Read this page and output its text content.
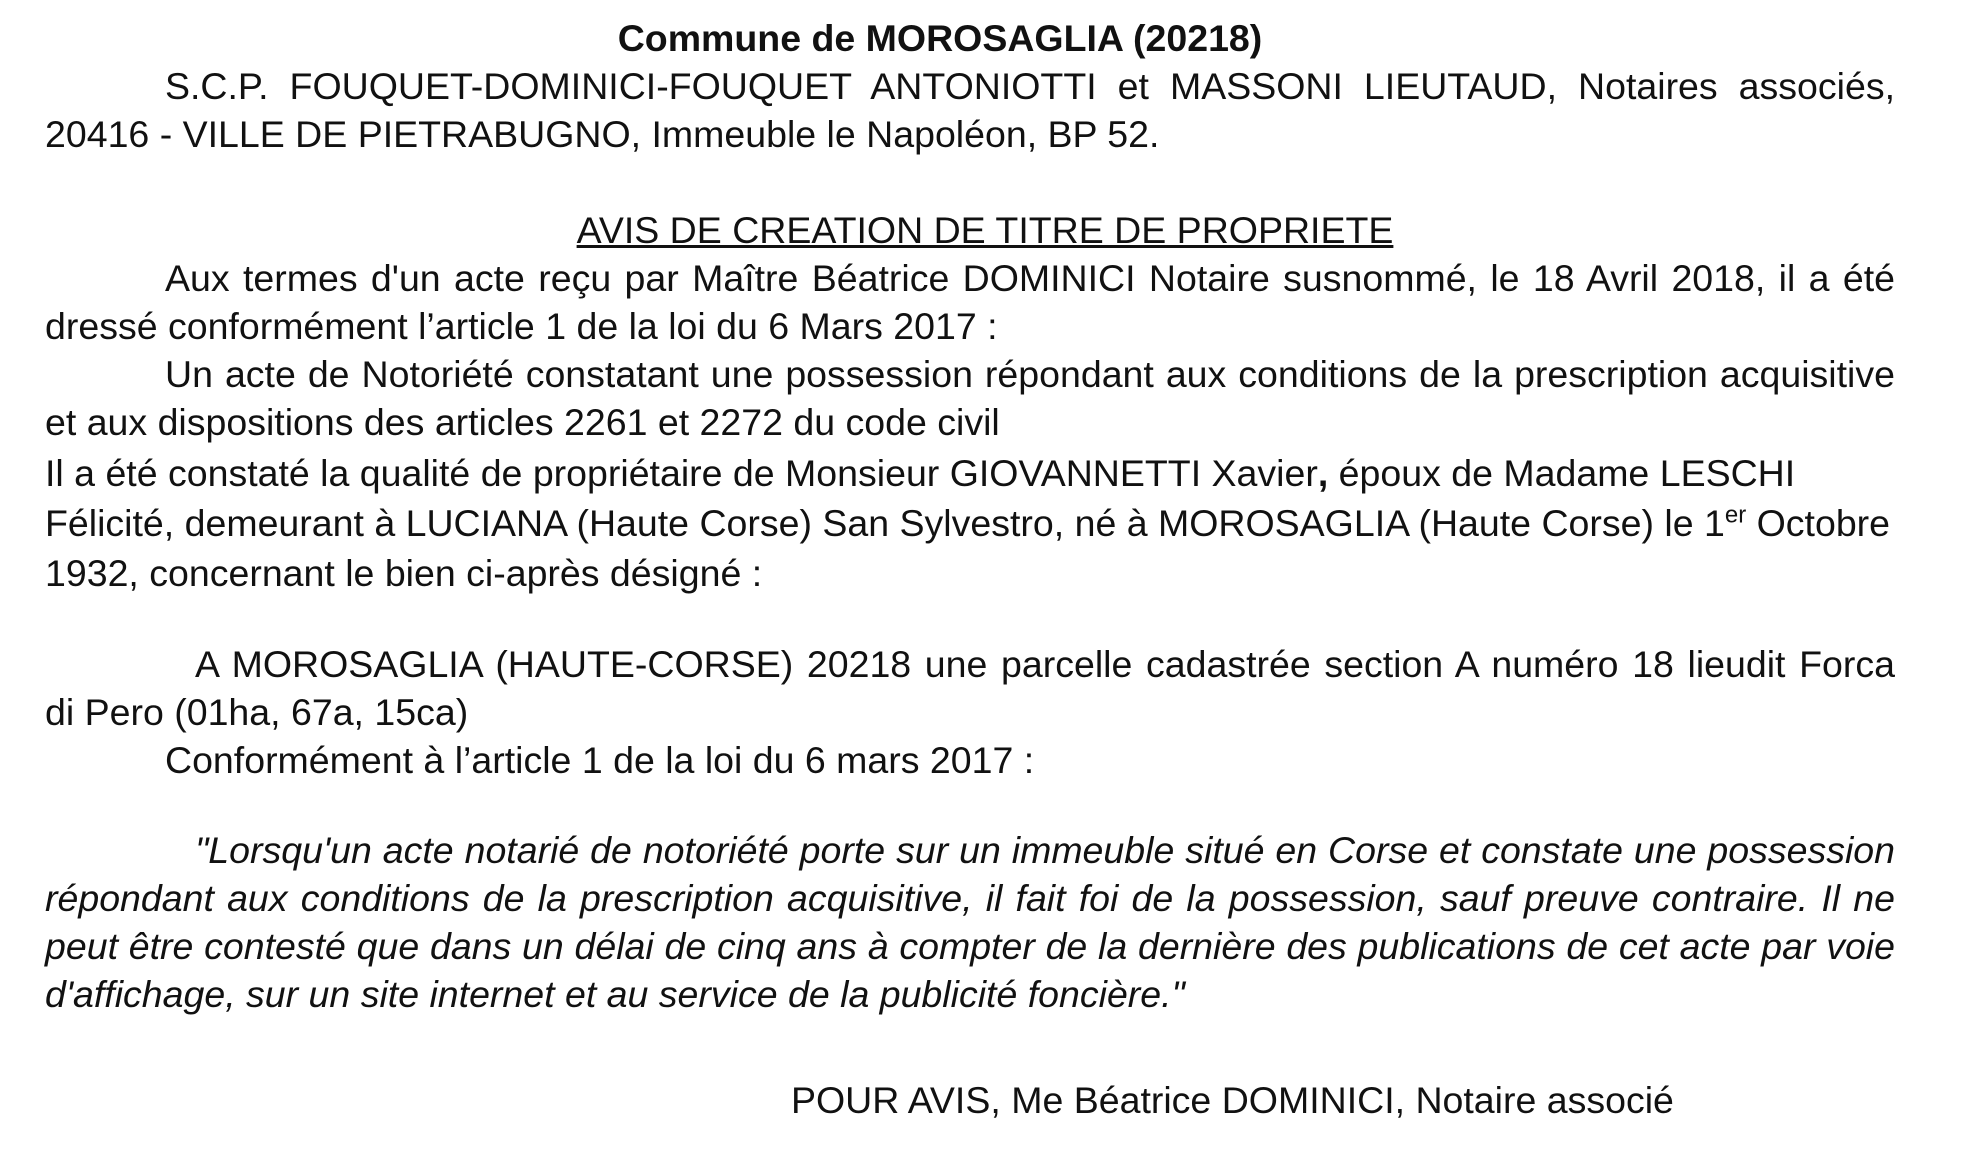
Commune de MOROSAGLIA (20218)

S.C.P. FOUQUET-DOMINICI-FOUQUET ANTONIOTTI et MASSONI LIEUTAUD, Notaires associés, 20416 - VILLE DE PIETRABUGNO, Immeuble le Napoléon, BP 52.

AVIS DE CREATION DE TITRE DE PROPRIETE

Aux termes d'un acte reçu par Maître Béatrice DOMINICI Notaire susnommé, le 18 Avril 2018, il a été dressé conformément l’article 1 de la loi du 6 Mars 2017 :

Un acte de Notoriété constatant une possession répondant aux conditions de la prescription acquisitive et aux dispositions des articles 2261 et 2272 du code civil

Il a été constaté la qualité de propriétaire de Monsieur GIOVANNETTI Xavier, époux de Madame LESCHI Félicité, demeurant à LUCIANA (Haute Corse) San Sylvestro, né à MOROSAGLIA (Haute Corse) le 1er Octobre 1932, concernant le bien ci-après désigné :

A MOROSAGLIA (HAUTE-CORSE) 20218 une parcelle cadastrée section A numéro 18 lieudit Forca di Pero (01ha, 67a, 15ca)

Conformément à l’article 1 de la loi du 6 mars 2017 :

"Lorsqu'un acte notarié de notoriété porte sur un immeuble situé en Corse et constate une possession répondant aux conditions de la prescription acquisitive, il fait foi de la possession, sauf preuve contraire. Il ne peut être contesté que dans un délai de cinq ans à compter de la dernière des publications de cet acte par voie d'affichage, sur un site internet et au service de la publicité foncière."

POUR AVIS, Me Béatrice DOMINICI, Notaire associé
